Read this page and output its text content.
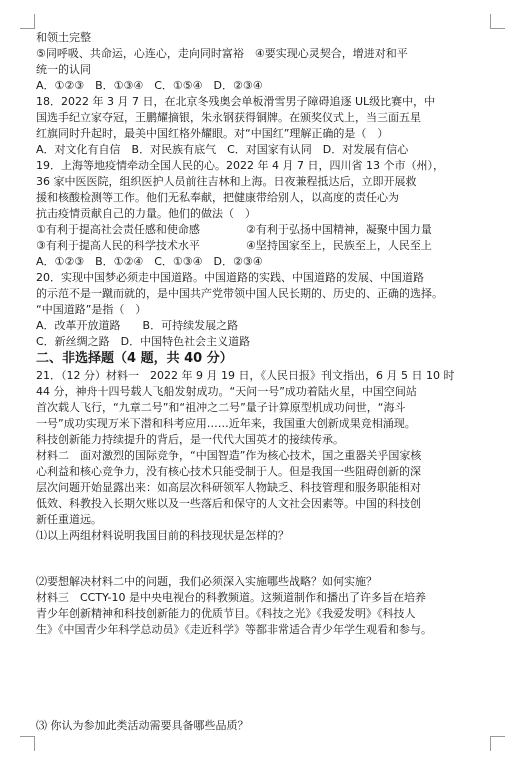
和领土完整
⑤同呼吸、共命运，心连心，走向同时富裕　④要实现心灵契合，增进对和平
统一的认同
A．①②③　B．①③④　C．①⑤④　D．②③④
18．2022 年 3 月 7 日，在北京冬残奥会单板滑雪男子障碍追逐 UL级比赛中，中
国选手纪立家夺冠，王鹏耀摘银，朱永钢获得铜牌。在颁奖仪式上，当三面五星
红旗同时升起时，最美中国红格外耀眼。对“中国红”理解正确的是（　）
A．对文化有自信　B．对民族有底气　C．对国家有认同　D．对发展有信心
19．上海等地疫情牵动全国人民的心。2022 年 4 月 7 日，四川省 13 个市（州），
36 家中医医院，组织医护人员前往吉林和上海。日夜兼程抵达后，立即开展救
援和核酸检测等工作。他们无私奉献，把健康带给别人，以高度的责任心为
抗击疫情贡献自己的力量。他们的做法（　）
①有利于提高社会责任感和使命感	②有利于弘扬中国精神，凝聚中国力量
③有利于提高人民的科学技术水平	④坚持国家至上，民族至上，人民至上
A．①②③　B．①②④　C．①③④　D．②③④
20．实现中国梦必须走中国道路。中国道路的实践、中国道路的发展、中国道路
的示范不是一蹴而就的，是中国共产党带领中国人民长期的、历史的、正确的选择。
“中国道路”是指（　）
A．改革开放道路　　B．可持续发展之路
C．新丝绸之路　D．中国特色社会主义道路
二、非选择题（4 题，共 40 分）
21．（12 分）材料一　2022 年 9 月 19 日，《人民日报》刊文指出，6 月 5 日 10 时
44 分，神舟十四号载人飞船发射成功。“天问一号”成功着陆火星，中国空间站
首次载人飞行，“九章二号”和“祖冲之二号”量子计算原型机成功问世，“海斗
一号”成功实现万米下潜和科考应用……近年来，我国重大创新成果竞相涌现。
科技创新能力持续提升的背后，是一代代大国英才的接续传承。
材料二　面对激烈的国际竞争，“中国智造”作为核心技术，国之重器关乎国家核
心利益和核心竞争力，没有核心技术只能受制于人。但是我国一些阻碍创新的深
层次问题开始显露出来：如高层次科研领军人物缺乏、科技管理和服务职能相对
低效、科教投入长期欠账以及一些落后和保守的人文社会因素等。中国的科技创
新任重道远。
⑴以上两组材料说明我国目前的科技现状是怎样的？
⑵要想解决材料二中的问题，我们必须深入实施哪些战略？如何实施？
材料三　CCTY-10 是中央电视台的科教频道。这频道制作和播出了许多旨在培养
青少年创新精神和科技创新能力的优质节目。《科技之光》《我爱发明》《科技人
生》《中国青少年科学总动员》《走近科学》等都非常适合青少年学生观看和参与。
⑶ 你认为参加此类活动需要具备哪些品质？
